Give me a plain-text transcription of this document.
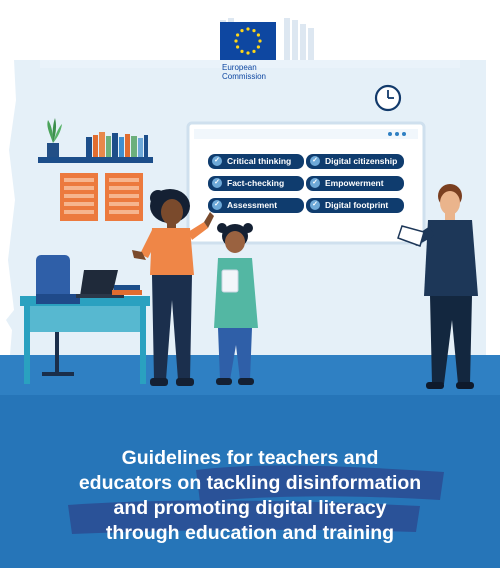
European
Commission
✓ Critical thinking	✓ Digital citizenship
✓ Fact-checking	✓ Empowerment
✓ Assessment	✓ Digital footprint
Guidelines for teachers and
educators on tackling disinformation
and promoting digital literacy
through education and training
